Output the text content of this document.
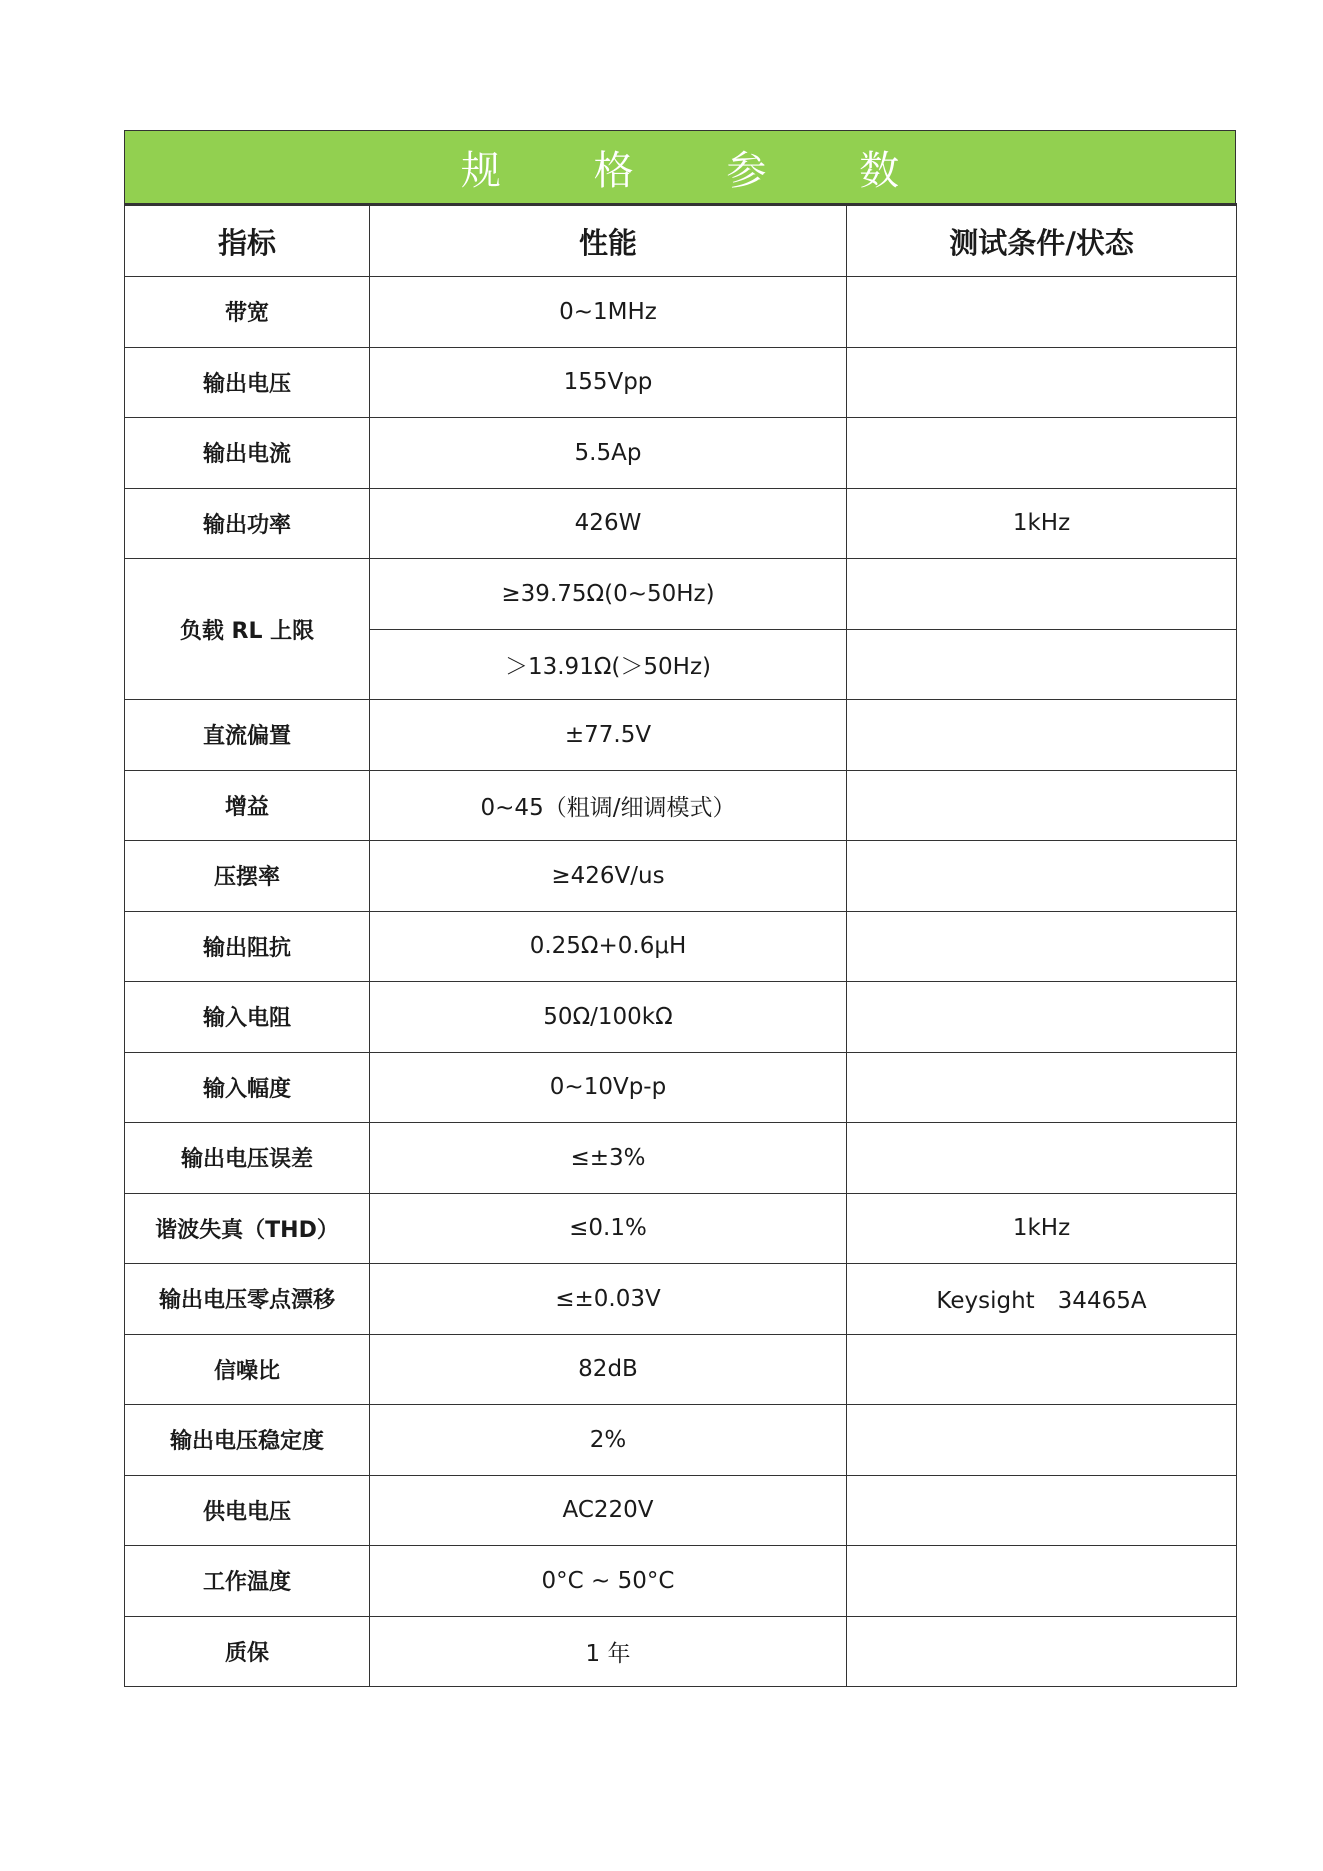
规 格 参 数
指标	性能	测试条件/状态
带宽	0~1MHz	
输出电压	155Vpp	
输出电流	5.5Ap	
输出功率	426W	1kHz
负载 RL 上限	≥39.75Ω(0~50Hz)	
	＞13.91Ω(＞50Hz)	
直流偏置	±77.5V	
增益	0~45（粗调/细调模式）	
压摆率	≥426V/us	
输出阻抗	0.25Ω+0.6μH	
输入电阻	50Ω/100kΩ	
输入幅度	0~10Vp-p	
输出电压误差	≤±3%	
谐波失真（THD）	≤0.1%	1kHz
输出电压零点漂移	≤±0.03V	Keysight　34465A
信噪比	82dB	
输出电压稳定度	2%	
供电电压	AC220V	
工作温度	0°C ~ 50°C	
质保	1 年	
